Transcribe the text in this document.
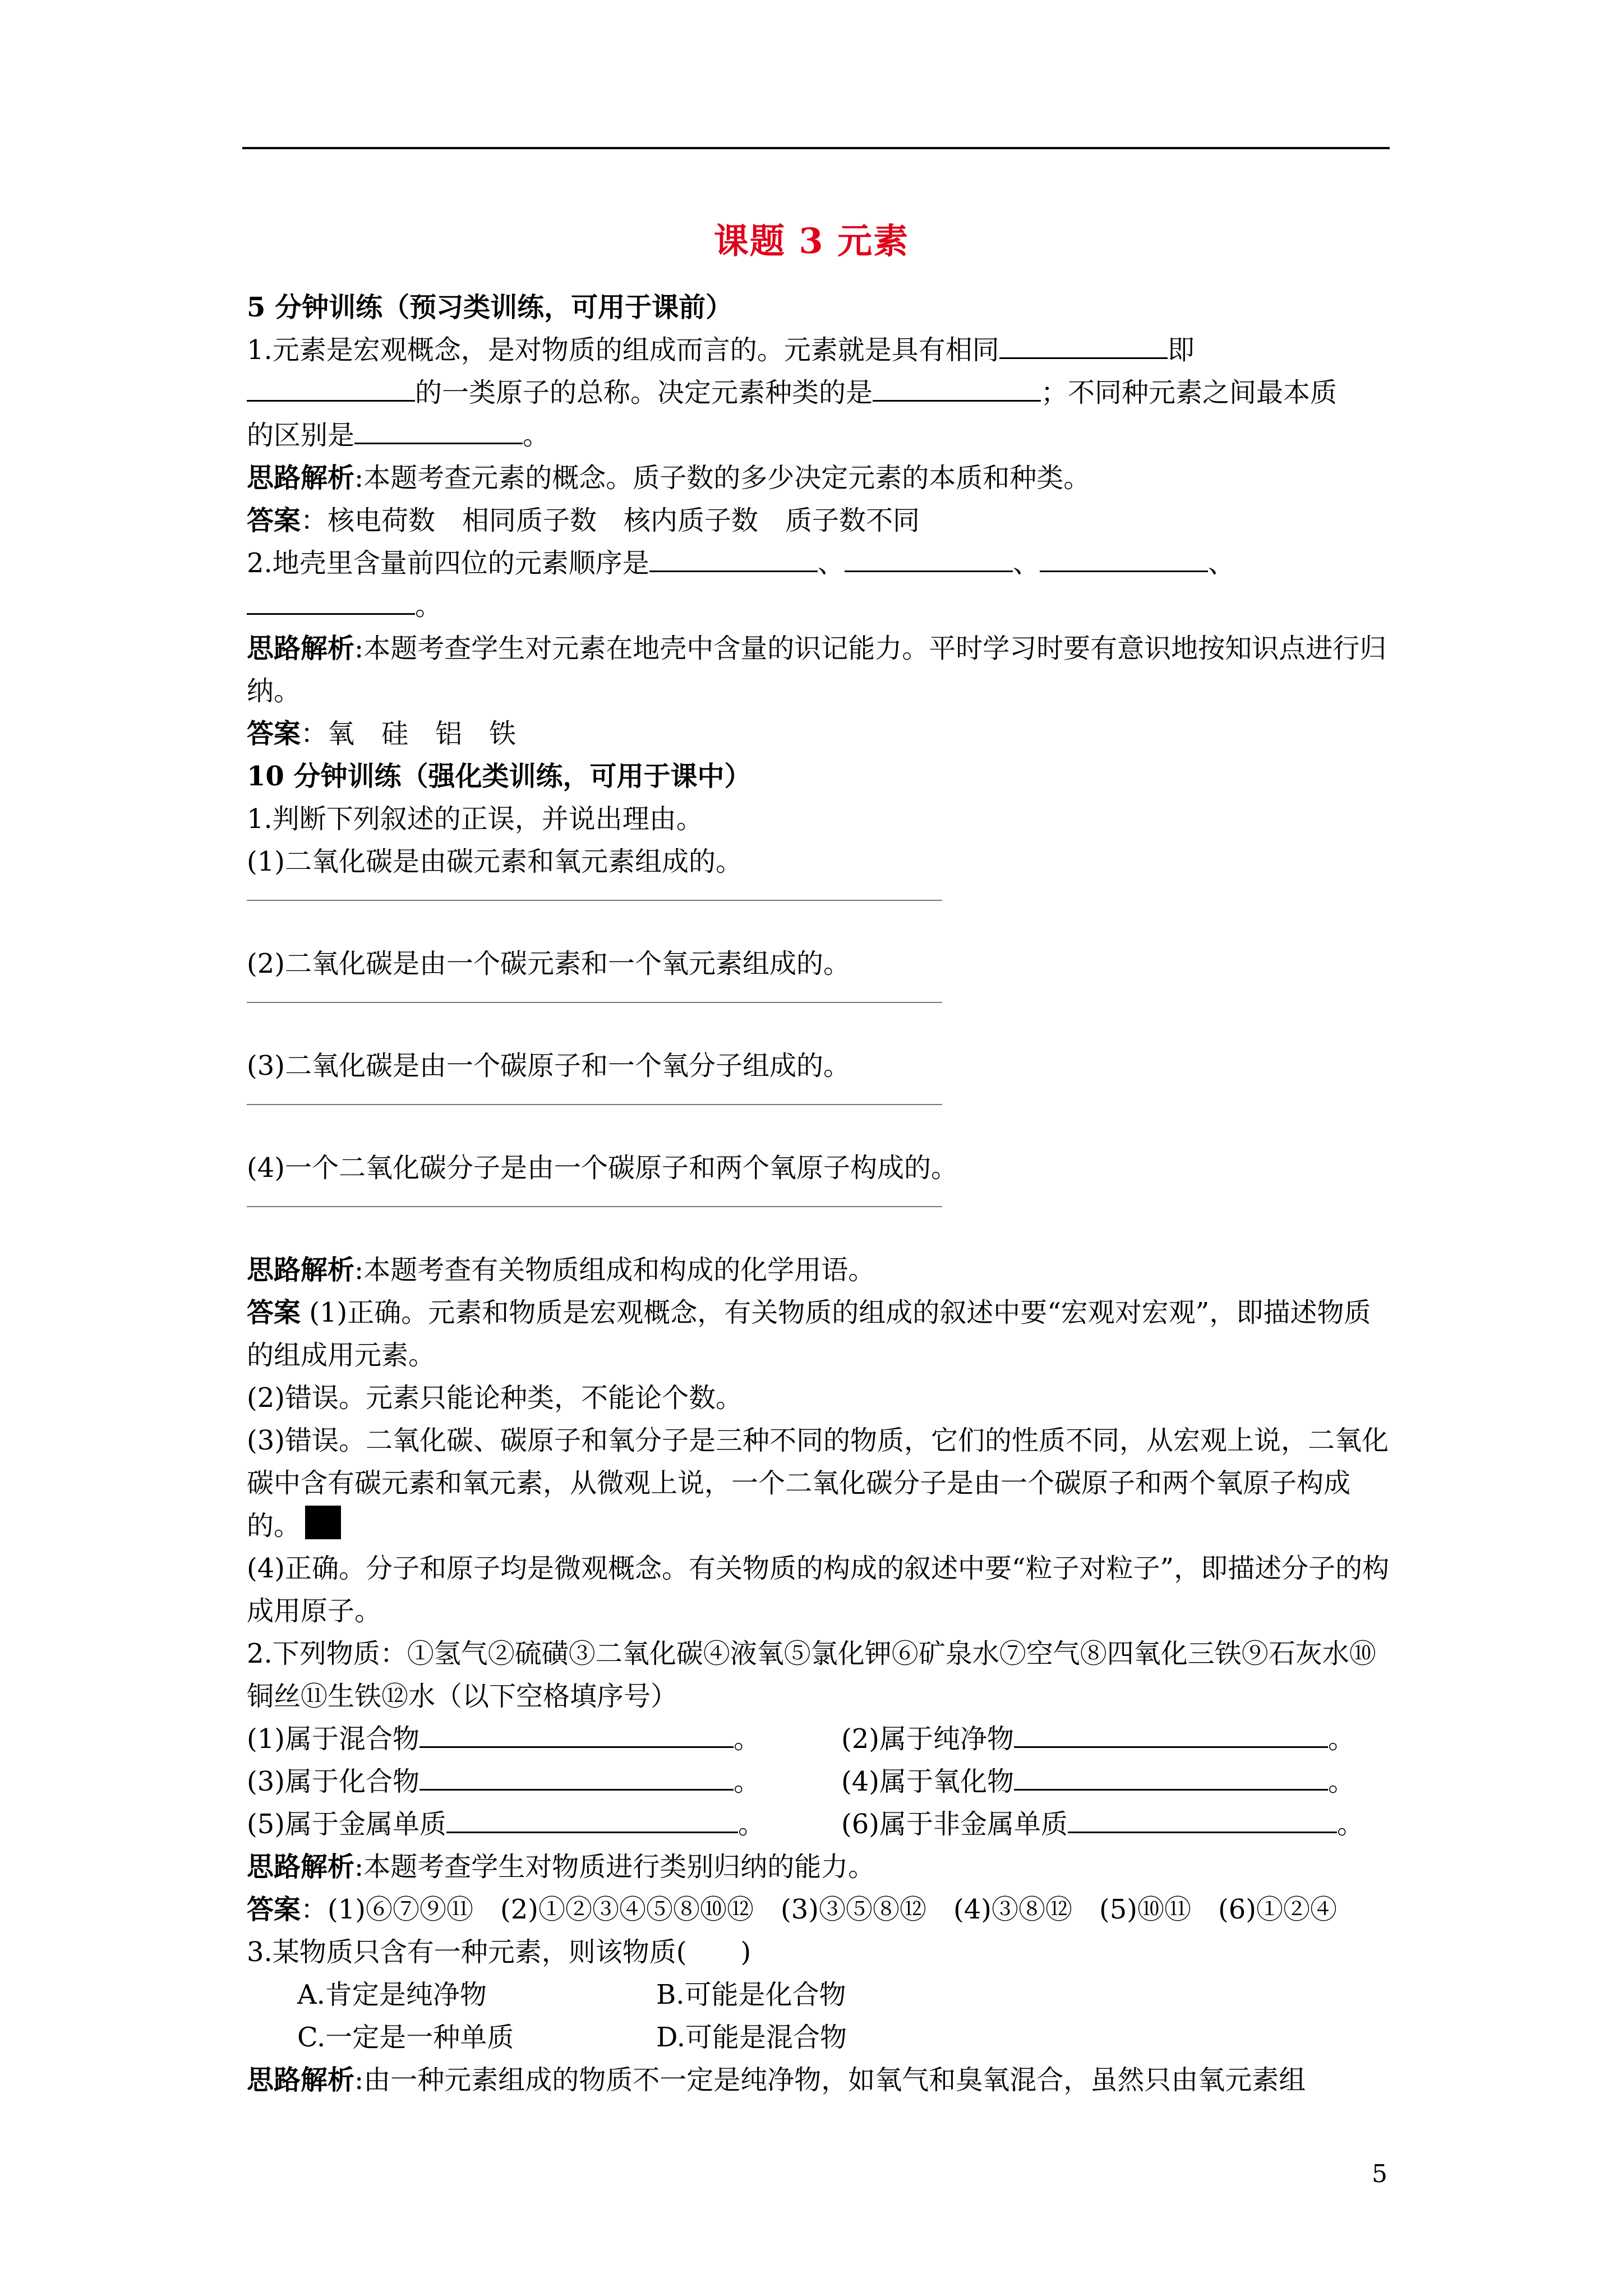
课题 3 元素
5 分钟训练（预习类训练，可用于课前）
1.元素是宏观概念，是对物质的组成而言的。元素就是具有相同	即
的一类原子的总称。决定元素种类的是	；不同种元素之间最本质
的区别是	。
思路解析:本题考查元素的概念。质子数的多少决定元素的本质和种类。
答案：核电荷数　相同质子数　核内质子数　质子数不同
2.地壳里含量前四位的元素顺序是	、	、	、
。
思路解析:本题考查学生对元素在地壳中含量的识记能力。平时学习时要有意识地按知识点进行归纳。
答案：氧　硅　铝　铁
10 分钟训练（强化类训练，可用于课中）
1.判断下列叙述的正误，并说出理由。
(1)二氧化碳是由碳元素和氧元素组成的。
(2)二氧化碳是由一个碳元素和一个氧元素组成的。
(3)二氧化碳是由一个碳原子和一个氧分子组成的。
(4)一个二氧化碳分子是由一个碳原子和两个氧原子构成的。
思路解析:本题考查有关物质组成和构成的化学用语。
答案 (1)正确。元素和物质是宏观概念，有关物质的组成的叙述中要“宏观对宏观”，即描述物质的组成用元素。
(2)错误。元素只能论种类，不能论个数。
(3)错误。二氧化碳、碳原子和氧分子是三种不同的物质，它们的性质不同，从宏观上说，二氧化碳中含有碳元素和氧元素，从微观上说，一个二氧化碳分子是由一个碳原子和两个氧原子构成的。
(4)正确。分子和原子均是微观概念。有关物质的构成的叙述中要“粒子对粒子”，即描述分子的构成用原子。
2.下列物质：①氢气②硫磺③二氧化碳④液氧⑤氯化钾⑥矿泉水⑦空气⑧四氧化三铁⑨石灰水⑩铜丝⑪生铁⑫水（以下空格填序号）
(1)属于混合物	。	(2)属于纯净物	。
(3)属于化合物	。	(4)属于氧化物	。
(5)属于金属单质	。	(6)属于非金属单质	。
思路解析:本题考查学生对物质进行类别归纳的能力。
答案：(1)⑥⑦⑨⑪　(2)①②③④⑤⑧⑩⑫　(3)③⑤⑧⑫　(4)③⑧⑫　(5)⑩⑪　(6)①②④
3.某物质只含有一种元素，则该物质(　　)
A.肯定是纯净物	B.可能是化合物
C.一定是一种单质	D.可能是混合物
思路解析:由一种元素组成的物质不一定是纯净物，如氧气和臭氧混合，虽然只由氧元素组
5
